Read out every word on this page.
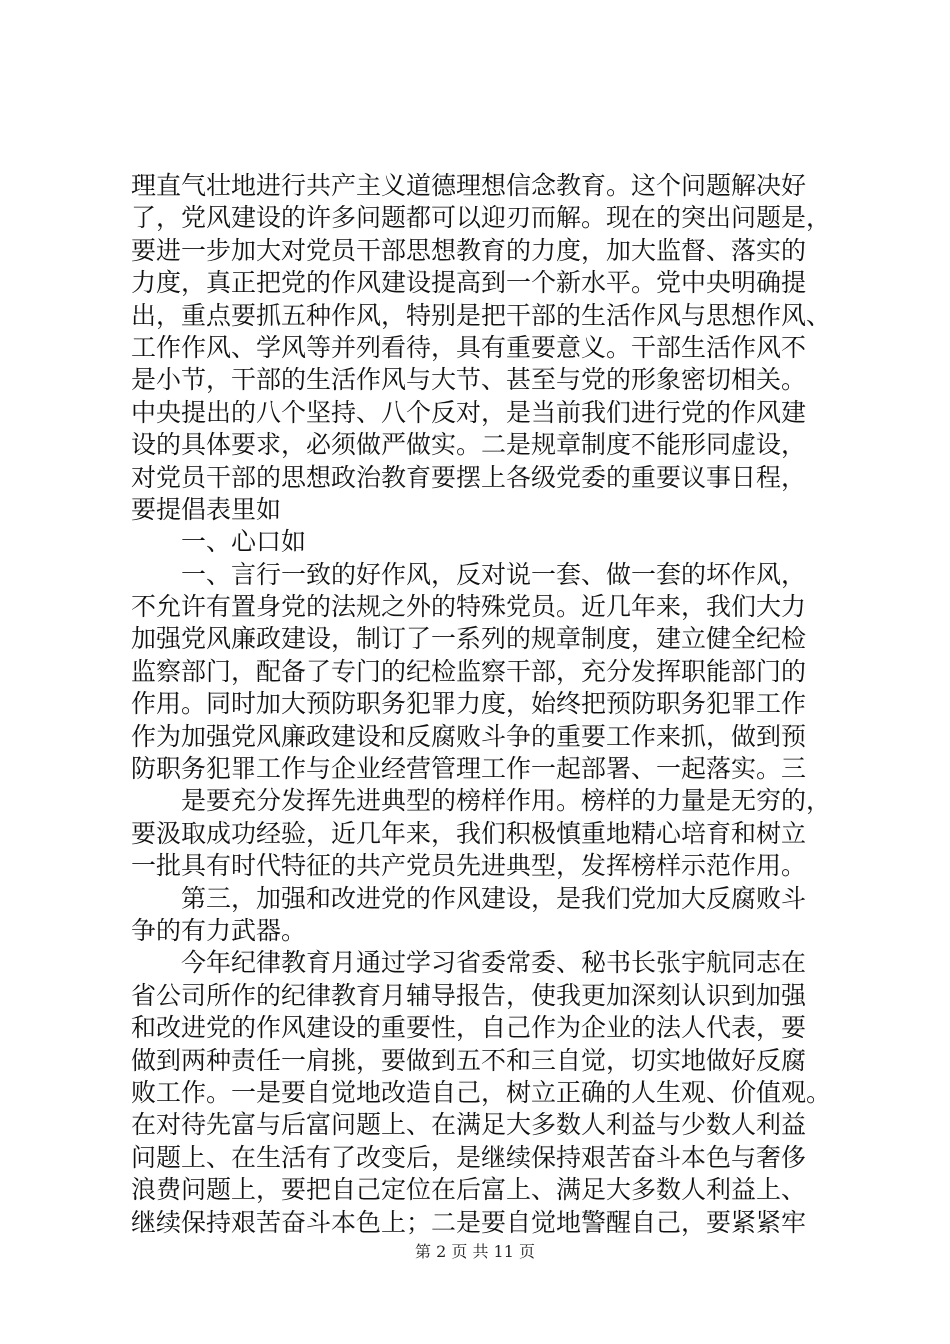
理直气壮地进行共产主义道德理想信念教育。这个问题解决好
了，党风建设的许多问题都可以迎刃而解。现在的突出问题是，
要进一步加大对党员干部思想教育的力度，加大监督、落实的
力度，真正把党的作风建设提高到一个新水平。党中央明确提
出，重点要抓五种作风，特别是把干部的生活作风与思想作风、
工作作风、学风等并列看待，具有重要意义。干部生活作风不
是小节，干部的生活作风与大节、甚至与党的形象密切相关。
中央提出的八个坚持、八个反对，是当前我们进行党的作风建
设的具体要求，必须做严做实。二是规章制度不能形同虚设，
对党员干部的思想政治教育要摆上各级党委的重要议事日程，
要提倡表里如
　　一、心口如
　　一、言行一致的好作风，反对说一套、做一套的坏作风，
不允许有置身党的法规之外的特殊党员。近几年来，我们大力
加强党风廉政建设，制订了一系列的规章制度，建立健全纪检
监察部门，配备了专门的纪检监察干部，充分发挥职能部门的
作用。同时加大预防职务犯罪力度，始终把预防职务犯罪工作
作为加强党风廉政建设和反腐败斗争的重要工作来抓，做到预
防职务犯罪工作与企业经营管理工作一起部署、一起落实。三
　　是要充分发挥先进典型的榜样作用。榜样的力量是无穷的，
要汲取成功经验，近几年来，我们积极慎重地精心培育和树立
一批具有时代特征的共产党员先进典型，发挥榜样示范作用。
　　第三，加强和改进党的作风建设，是我们党加大反腐败斗
争的有力武器。
　　今年纪律教育月通过学习省委常委、秘书长张宇航同志在
省公司所作的纪律教育月辅导报告，使我更加深刻认识到加强
和改进党的作风建设的重要性，自己作为企业的法人代表，要
做到两种责任一肩挑，要做到五不和三自觉，切实地做好反腐
败工作。一是要自觉地改造自己，树立正确的人生观、价值观。
在对待先富与后富问题上、在满足大多数人利益与少数人利益
问题上、在生活有了改变后，是继续保持艰苦奋斗本色与奢侈
浪费问题上，要把自己定位在后富上、满足大多数人利益上、
继续保持艰苦奋斗本色上；二是要自觉地警醒自己，要紧紧牢
第 2 页 共 11 页
